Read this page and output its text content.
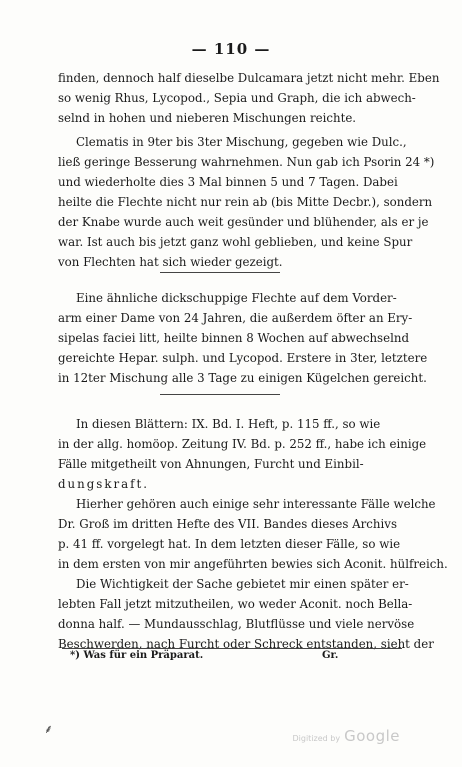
— 110 —
finden, dennoch half dieselbe Dulcamara jetzt nicht mehr. Eben
so wenig Rhus, Lycopod., Sepia und Graph, die ich abwech-
selnd in hohen und nieberen Mischungen reichte.
Clematis in 9ter bis 3ter Mischung, gegeben wie Dulc.,
ließ geringe Besserung wahrnehmen. Nun gab ich Psorin 24 *)
und wiederholte dies 3 Mal binnen 5 und 7 Tagen. Dabei
heilte die Flechte nicht nur rein ab (bis Mitte Decbr.), sondern
der Knabe wurde auch weit gesünder und blühender, als er je
war. Ist auch bis jetzt ganz wohl geblieben, und keine Spur
von Flechten hat sich wieder gezeigt.
Eine ähnliche dickschuppige Flechte auf dem Vorder-
arm einer Dame von 24 Jahren, die außerdem öfter an Ery-
sipelas faciei litt, heilte binnen 8 Wochen auf abwechselnd
gereichte Hepar. sulph. und Lycopod. Erstere in 3ter, letztere
in 12ter Mischung alle 3 Tage zu einigen Kügelchen gereicht.
In diesen Blättern: IX. Bd. I. Heft, p. 115 ff., so wie
in der allg. homöop. Zeitung IV. Bd. p. 252 ff., habe ich einige
Fälle mitgetheilt von Ahnungen, Furcht und Einbil-
dungskraft.
Hierher gehören auch einige sehr interessante Fälle welche
Dr. Groß im dritten Hefte des VII. Bandes dieses Archivs
p. 41 ff. vorgelegt hat. In dem letzten dieser Fälle, so wie
in dem ersten von mir angeführten bewies sich Aconit. hülfreich.
Die Wichtigkeit der Sache gebietet mir einen später er-
lebten Fall jetzt mitzutheilen, wo weder Aconit. noch Bella-
donna half. — Mundausschlag, Blutflüsse und viele nervöse
Beschwerden, nach Furcht oder Schreck entstanden, sieht der
*) Was für ein Präparat.	Gr.
⸙
Digitized by Google
